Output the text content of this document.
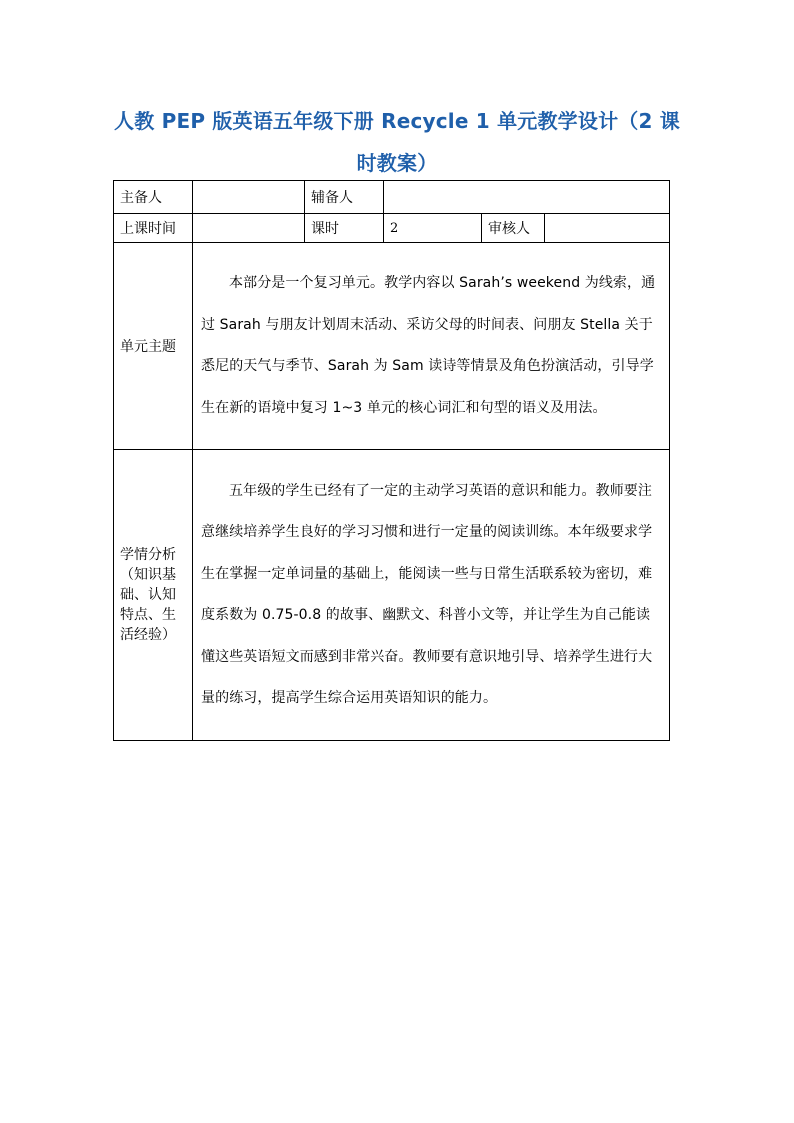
人教 PEP 版英语五年级下册 Recycle 1 单元教学设计（2 课时教案）
主备人		辅备人			
上课时间		课时	2	审核人	
单元主题	本部分是一个复习单元。教学内容以 Sarah’s weekend 为线索，通过 Sarah 与朋友计划周末活动、采访父母的时间表、问朋友 Stella 关于悉尼的天气与季节、Sarah 为 Sam 读诗等情景及角色扮演活动，引导学生在新的语境中复习 1~3 单元的核心词汇和句型的语义及用法。				

学情分析（知识基础、认知特点、生活经验）	五年级的学生已经有了一定的主动学习英语的意识和能力。教师要注意继续培养学生良好的学习习惯和进行一定量的阅读训练。本年级要求学生在掌握一定单词量的基础上，能阅读一些与日常生活联系较为密切，难度系数为 0.75-0.8 的故事、幽默文、科普小文等，并让学生为自己能读懂这些英语短文而感到非常兴奋。教师要有意识地引导、培养学生进行大量的练习，提高学生综合运用英语知识的能力。				
